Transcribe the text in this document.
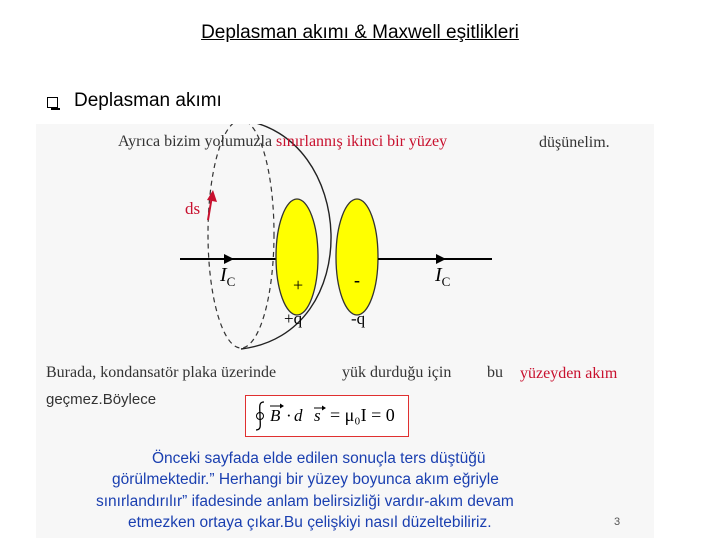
Deplasman akımı & Maxwell eşitlikleri
Deplasman akımı
Ayrıca bizim yolumuzla sınırlannış ikinci bir yüzey	düşünelim.
ds
$I_C$	$I_C$
+	-
+q	-q
Burada, kondansatör plaka üzerinde	yük durduğu için bu yüzeyden akım
geçmez.Böylece
B · d s = μ₀I = 0
Önceki sayfada elde edilen sonuçla ters düştüğü
görülmektedir.” Herhangi bir yüzey boyunca akım eğriyle
sınırlandırılır” ifadesinde anlam belirsizliği vardır-akım devam
etmezken ortaya çıkar.Bu çelişkiyi nasıl düzeltebiliriz.	3
